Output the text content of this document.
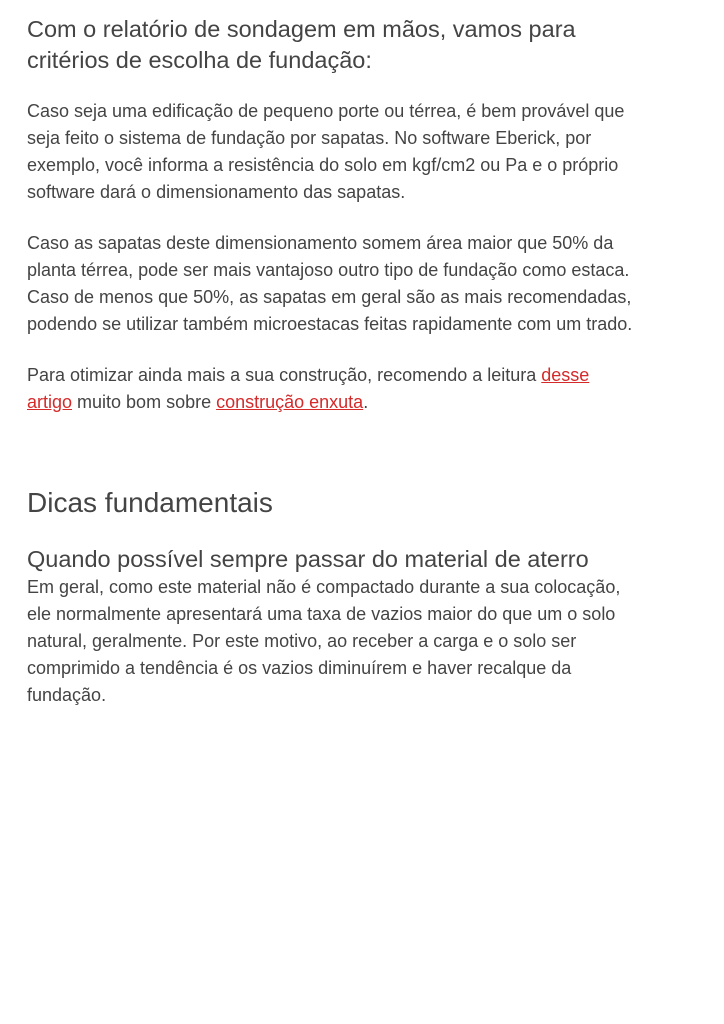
Com o relatório de sondagem em mãos, vamos para critérios de escolha de fundação:

Caso seja uma edificação de pequeno porte ou térrea, é bem provável que seja feito o sistema de fundação por sapatas. No software Eberick, por exemplo, você informa a resistência do solo em kgf/cm2 ou Pa e o próprio software dará o dimensionamento das sapatas.

Caso as sapatas deste dimensionamento somem área maior que 50% da planta térrea, pode ser mais vantajoso outro tipo de fundação como estaca. Caso de menos que 50%, as sapatas em geral são as mais recomendadas, podendo se utilizar também microestacas feitas rapidamente com um trado.

Para otimizar ainda mais a sua construção, recomendo a leitura desse artigo muito bom sobre construção enxuta.

Dicas fundamentais
Quando possível sempre passar do material de aterro

Em geral, como este material não é compactado durante a sua colocação, ele normalmente apresentará uma taxa de vazios maior do que um o solo natural, geralmente. Por este motivo, ao receber a carga e o solo ser comprimido a tendência é os vazios diminuírem e haver recalque da fundação.
